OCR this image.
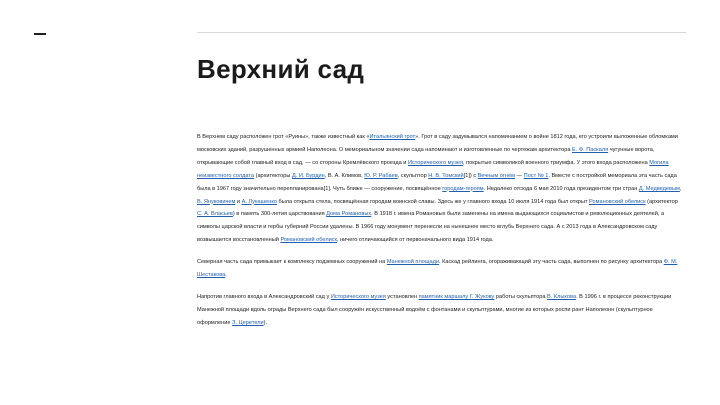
Верхний сад

В Верхнем саду расположен грот «Руины», также известный как «Итальянский грот». Грот в саду задумывался напоминанием о войне 1812 года, его устроили выложенные обломками московских зданий, разрушенных армией Наполеона. О мемориальном значении сада напоминают и изготовленные по чертежам архитектора Е. Ф. Паскаля чугунные ворота, открывающие собой главный вход в сад, — со стороны Кремлёвского проезда и Исторического музея, покрытые символикой военного триумфа. У этого входа расположена Могила неизвестного солдата (архитекторы Д. И. Бурдин, В. А. Климов, Ю. Р. Рабаев, скульптор Н. В. Томский[1]) с Вечным огнём — Пост № 1. Вместе с постройкой мемориала эта часть сада была в 1967 году значительно перепланирована[1]. Чуть ближе — сооружение, посвящённое городам-героям. Недалеко отсюда 6 мая 2010 года президентом три стран Д. Медведевым, В. Януковичем и А. Лукашенко была открыта стела, посвящённая городам воинской славы. Здесь же у главного входа 10 июля 1914 года был открыт Романовский обелиск (архитектор С. А. Власьев) в память 300-летия царствования Дома Романовых. В 1918 г. имена Романовых были заменены на имена выдающихся социалистов и революционных деятелей, а символы царской власти и гербы губерний России удалены. В 1966 году монумент перенесли на нынешнее место вглубь Верхнего сада. А с 2013 года в Александровском саду возвышается восстановленный Романовский обелиск, ничего отличающийся от первоначального вида 1914 года.

Северная часть сада примыкает к комплексу подземных сооружений на Манежной площади. Каскад рейлинга, огораживающий эту часть сада, выполнен по рисунку архитектора Ф. М. Шестакова.

Напротив главного входа в Александровский сад у Исторического музея установлен памятник маршалу Г. Жукову работы скульптора В. Клыкова. В 1996 г. в процессе реконструкции Манежной площади вдоль ограды Верхнего сада был сооружён искусственный водоём с фонтанами и скульптурами, многие из которых роспи рант Наполеонн (скульптурное оформление З. Церетели).
